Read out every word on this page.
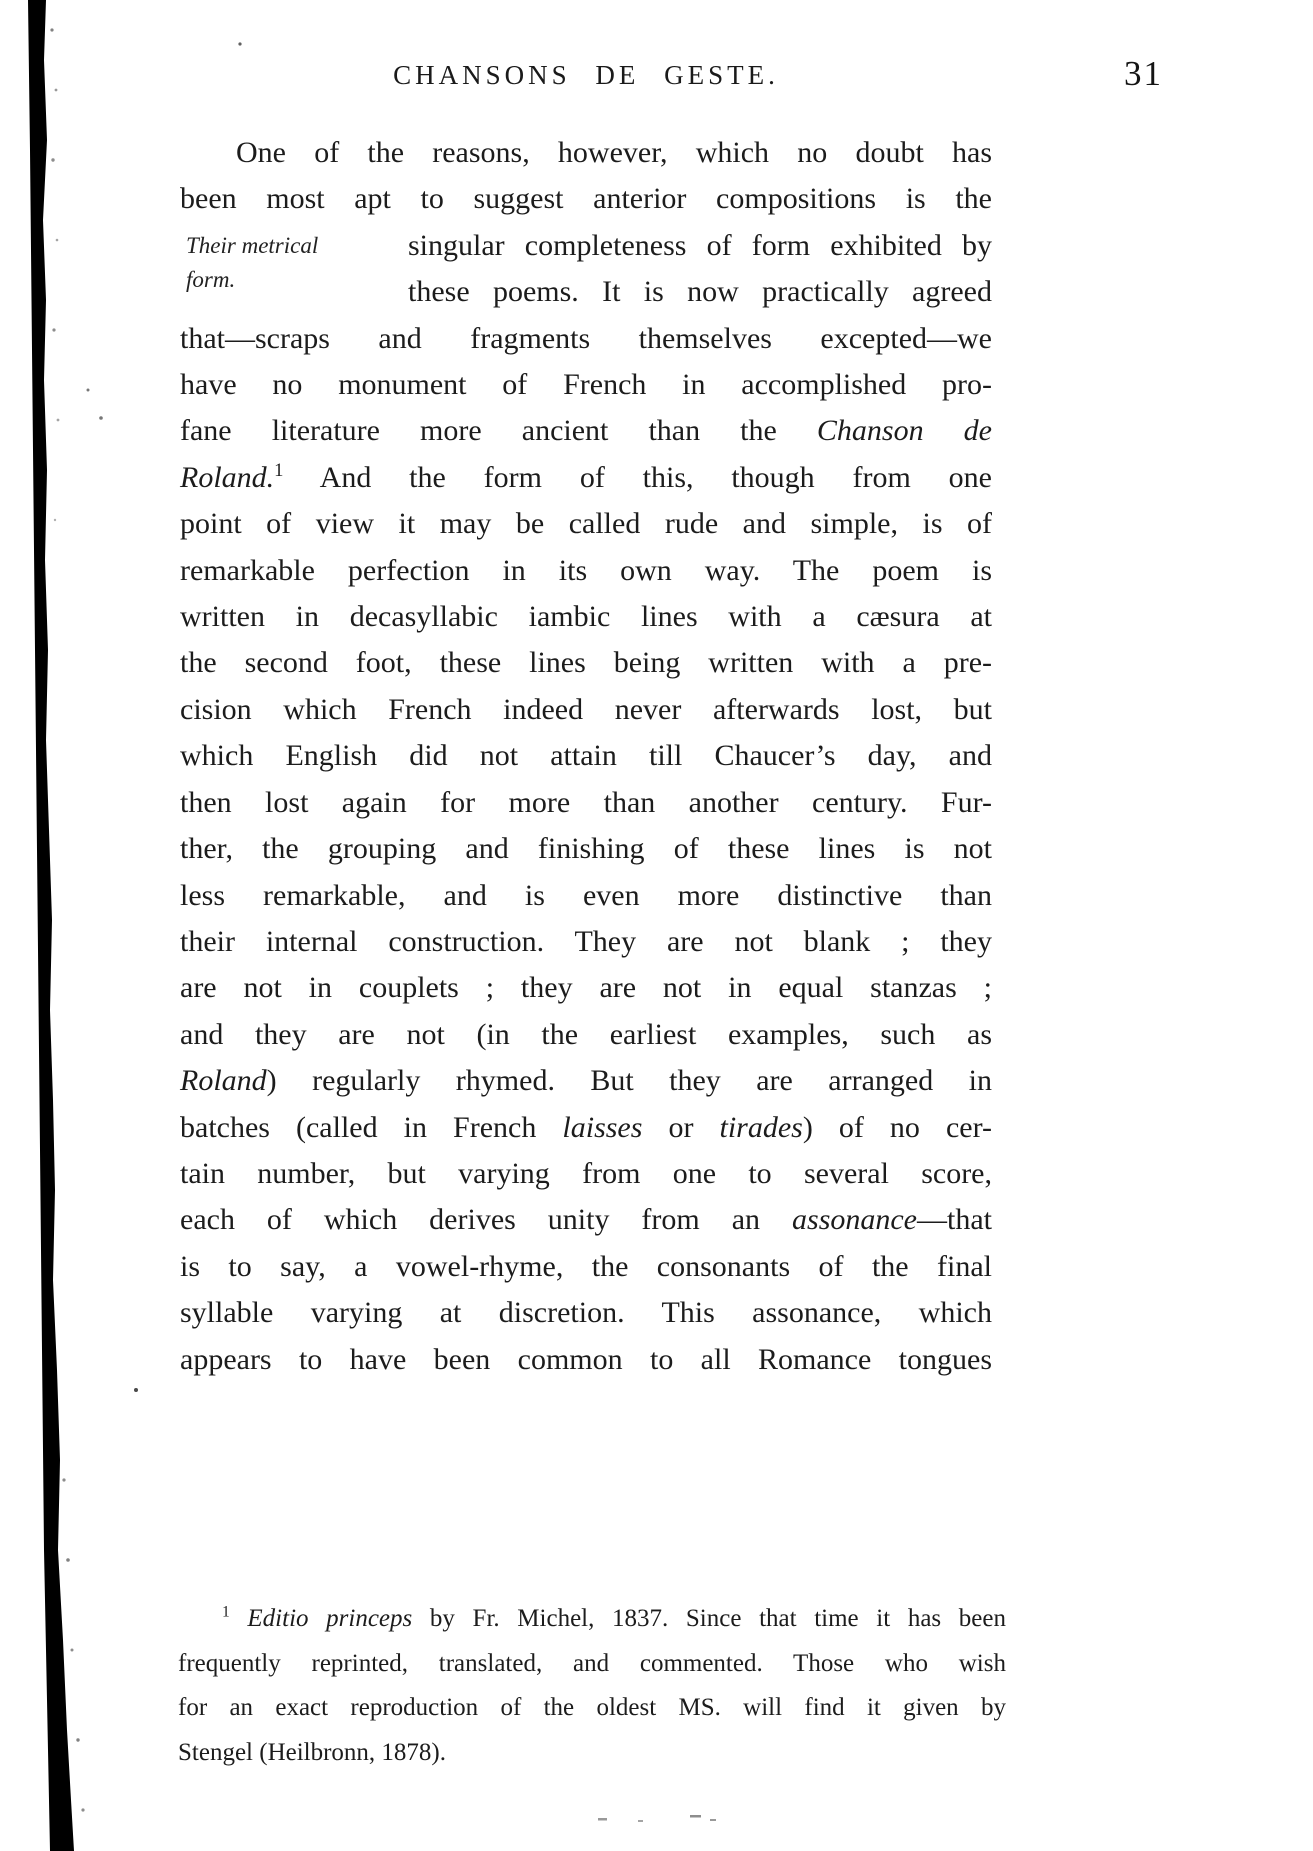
CHANSONS DE GESTE.	31
Their metrical
form.
One of the reasons, however, which no doubt has
been most apt to suggest anterior compositions is the
singular completeness of form exhibited by
these poems. It is now practically agreed
that—scraps and fragments themselves excepted—we
have no monument of French in accomplished pro-
fane literature more ancient than the Chanson de
Roland.$^1$ And the form of this, though from one
point of view it may be called rude and simple, is of
remarkable perfection in its own way. The poem is
written in decasyllabic iambic lines with a cæsura at
the second foot, these lines being written with a pre-
cision which French indeed never afterwards lost, but
which English did not attain till Chaucer’s day, and
then lost again for more than another century. Fur-
ther, the grouping and finishing of these lines is not
less remarkable, and is even more distinctive than
their internal construction. They are not blank ; they
are not in couplets ; they are not in equal stanzas ;
and they are not (in the earliest examples, such as
Roland) regularly rhymed. But they are arranged in
batches (called in French laisses or tirades) of no cer-
tain number, but varying from one to several score,
each of which derives unity from an assonance—that
is to say, a vowel-rhyme, the consonants of the final
syllable varying at discretion. This assonance, which
appears to have been common to all Romance tongues
$^1$ Editio princeps by Fr. Michel, 1837. Since that time it has been
frequently reprinted, translated, and commented. Those who wish
for an exact reproduction of the oldest MS. will find it given by
Stengel (Heilbronn, 1878).
